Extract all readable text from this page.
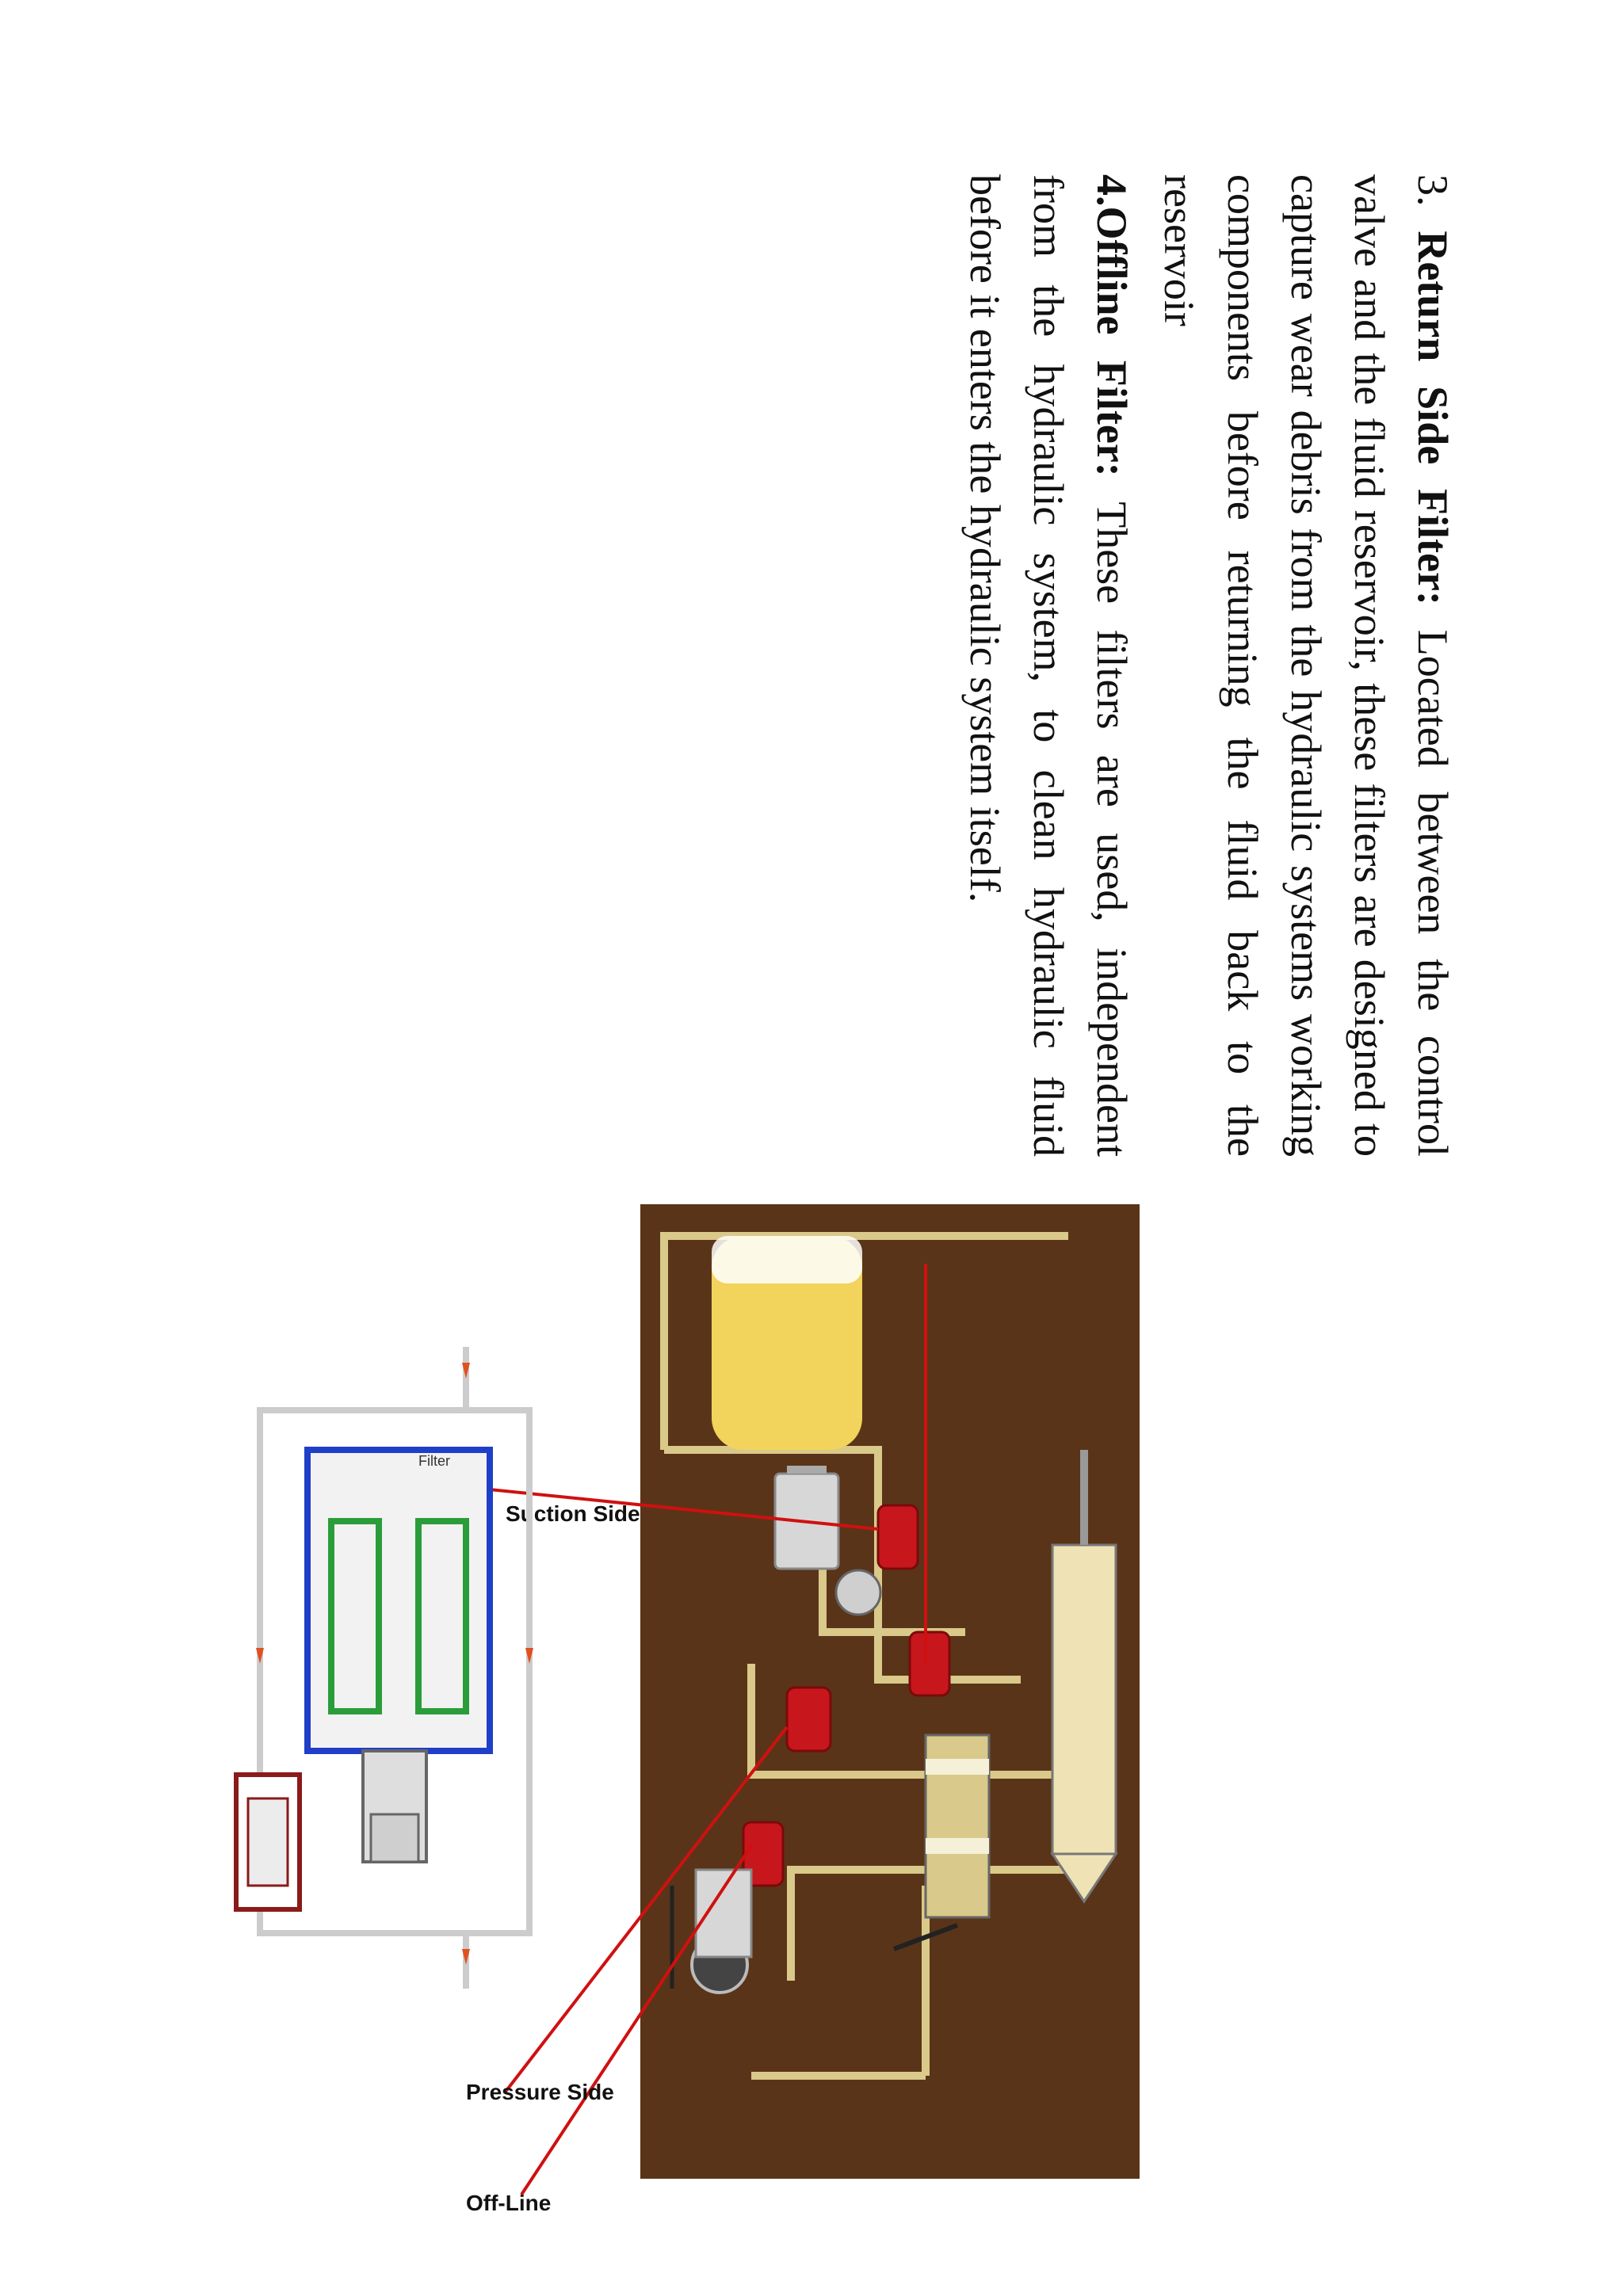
3. Return Side Filter: Located between the control valve and the fluid reservoir, these filters are designed to capture wear debris from the hydraulic systems working components before returning the fluid back to the reservoir
4.Offline Filter: These filters are used, independent from the hydraulic system, to clean hydraulic fluid before it enters the hydraulic system itself.
Suction Side
Off-Line
Pressure Side
Filter
